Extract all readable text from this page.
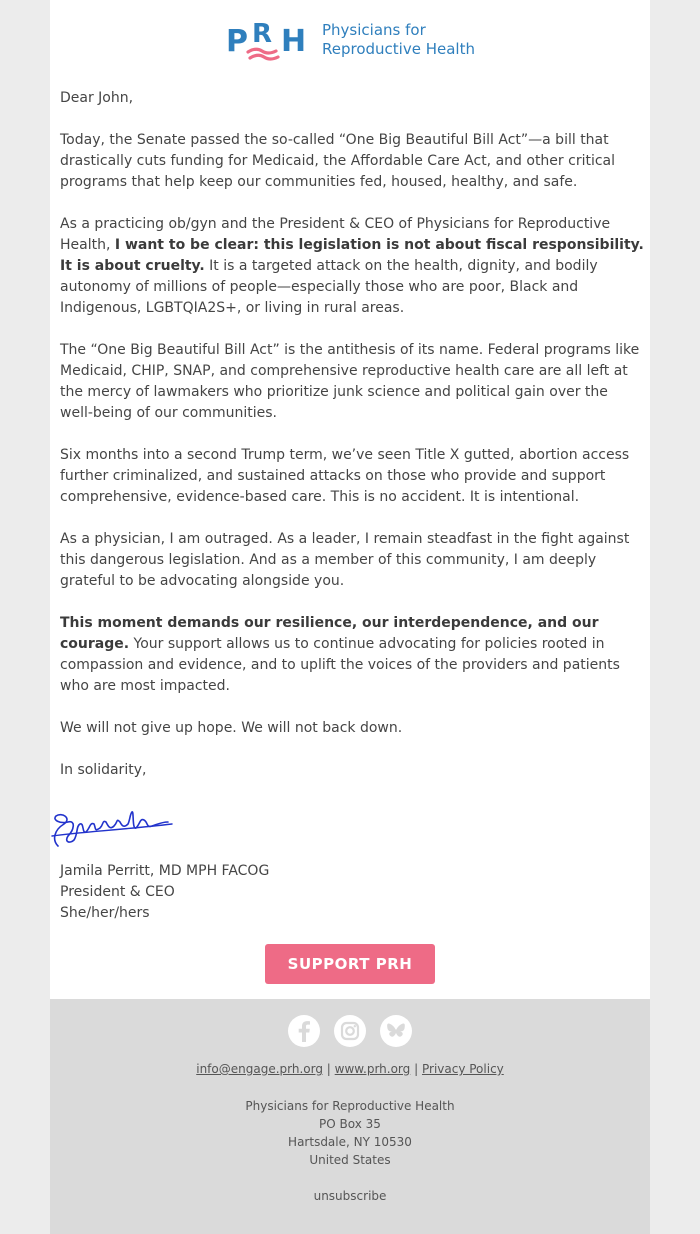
P R H Physicians for
Reproductive Health

Dear John,

Today, the Senate passed the so-called “One Big Beautiful Bill Act”—a bill that drastically cuts funding for Medicaid, the Affordable Care Act, and other critical programs that help keep our communities fed, housed, healthy, and safe.

As a practicing ob/gyn and the President & CEO of Physicians for Reproductive Health, I want to be clear: this legislation is not about fiscal responsibility. It is about cruelty. It is a targeted attack on the health, dignity, and bodily autonomy of millions of people—especially those who are poor, Black and Indigenous, LGBTQIA2S+, or living in rural areas.

The “One Big Beautiful Bill Act” is the antithesis of its name. Federal programs like Medicaid, CHIP, SNAP, and comprehensive reproductive health care are all left at the mercy of lawmakers who prioritize junk science and political gain over the well-being of our communities.

Six months into a second Trump term, we’ve seen Title X gutted, abortion access further criminalized, and sustained attacks on those who provide and support comprehensive, evidence-based care. This is no accident. It is intentional.

As a physician, I am outraged. As a leader, I remain steadfast in the fight against this dangerous legislation. And as a member of this community, I am deeply grateful to be advocating alongside you.

This moment demands our resilience, our interdependence, and our courage. Your support allows us to continue advocating for policies rooted in compassion and evidence, and to uplift the voices of the providers and patients who are most impacted.

We will not give up hope. We will not back down.

In solidarity,

Jamila Perritt, MD MPH FACOG
President & CEO
She/her/hers
SUPPORT PRH
info@engage.prh.org | www.prh.org | Privacy Policy
Physicians for Reproductive Health
PO Box 35
Hartsdale, NY 10530
United States
unsubscribe
